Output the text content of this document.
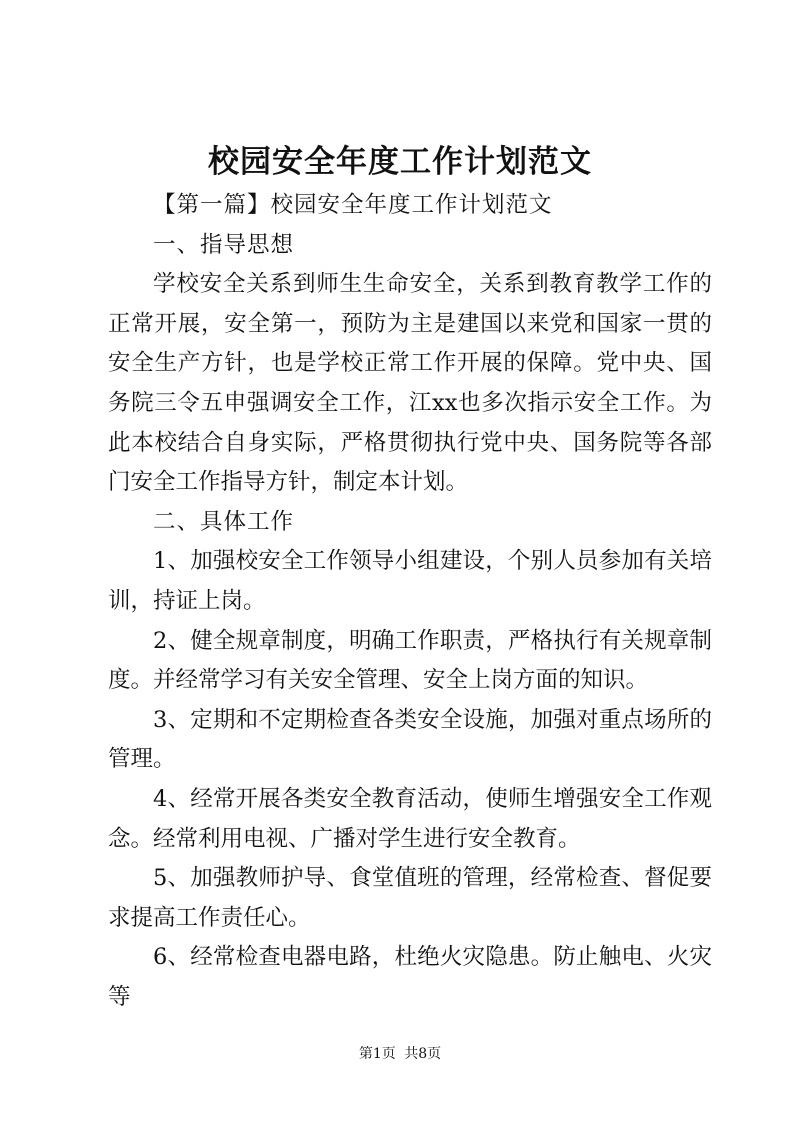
校园安全年度工作计划范文

【第一篇】校园安全年度工作计划范文

一、指导思想

学校安全关系到师生生命安全，关系到教育教学工作的正常开展，安全第一，预防为主是建国以来党和国家一贯的安全生产方针，也是学校正常工作开展的保障。党中央、国务院三令五申强调安全工作，江xx也多次指示安全工作。为此本校结合自身实际，严格贯彻执行党中央、国务院等各部门安全工作指导方针，制定本计划。

二、具体工作

1、加强校安全工作领导小组建设，个别人员参加有关培训，持证上岗。

2、健全规章制度，明确工作职责，严格执行有关规章制度。并经常学习有关安全管理、安全上岗方面的知识。

3、定期和不定期检查各类安全设施，加强对重点场所的管理。

4、经常开展各类安全教育活动，使师生增强安全工作观念。经常利用电视、广播对学生进行安全教育。

5、加强教师护导、食堂值班的管理，经常检查、督促要求提高工作责任心。

6、经常检查电器电路，杜绝火灾隐患。防止触电、火灾等

第1页 共8页
